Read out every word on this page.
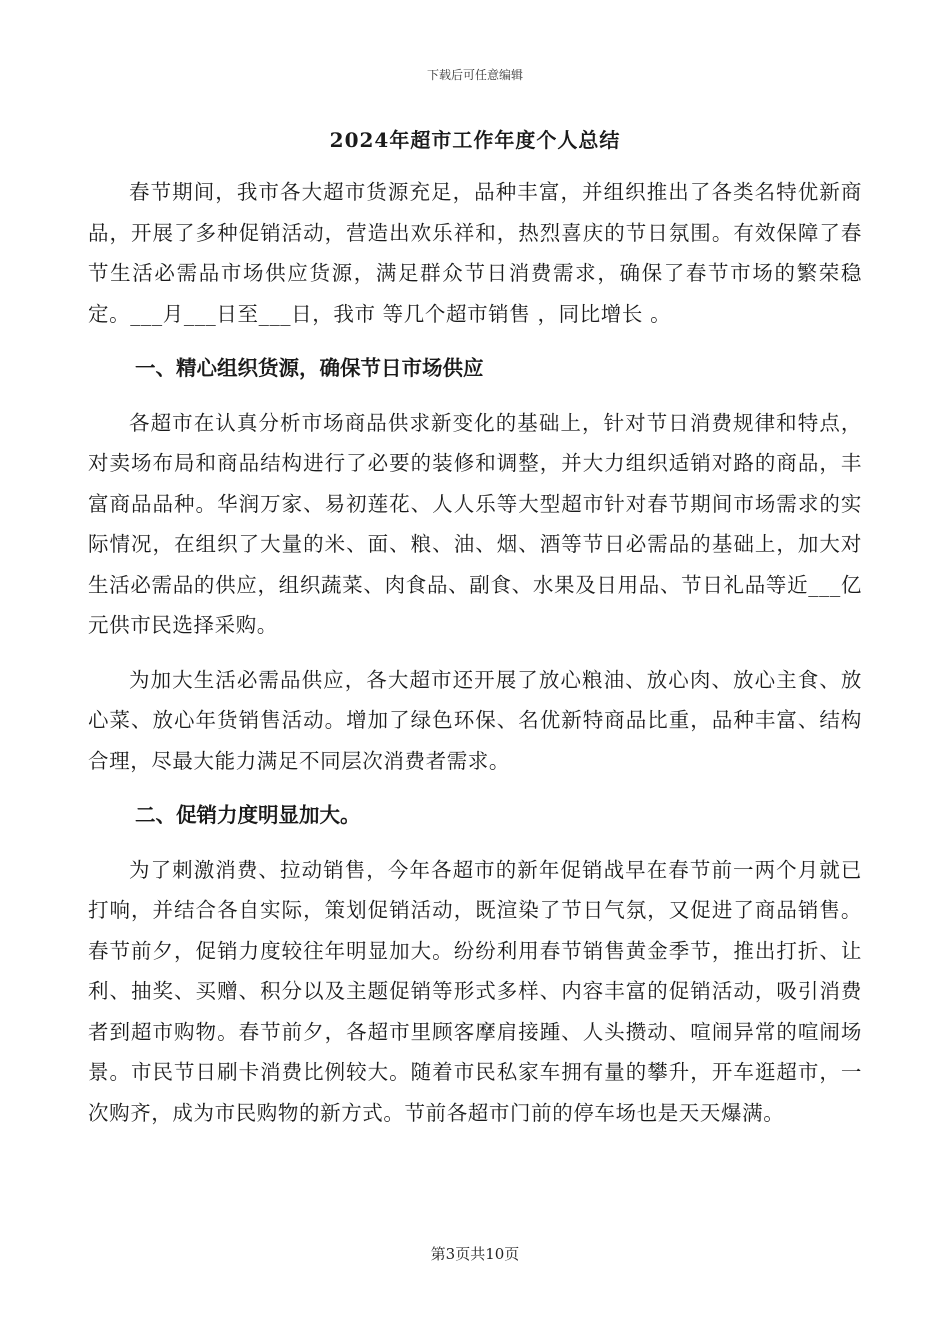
下载后可任意编辑
2024年超市工作年度个人总结

春节期间，我市各大超市货源充足，品种丰富，并组织推出了各类名特优新商品，开展了多种促销活动，营造出欢乐祥和，热烈喜庆的节日氛围。有效保障了春节生活必需品市场供应货源，满足群众节日消费需求，确保了春节市场的繁荣稳定。___月___日至___日，我市 等几个超市销售 ，同比增长 。

一、精心组织货源，确保节日市场供应

各超市在认真分析市场商品供求新变化的基础上，针对节日消费规律和特点，对卖场布局和商品结构进行了必要的装修和调整，并大力组织适销对路的商品，丰富商品品种。华润万家、易初莲花、人人乐等大型超市针对春节期间市场需求的实际情况，在组织了大量的米、面、粮、油、烟、酒等节日必需品的基础上，加大对生活必需品的供应，组织蔬菜、肉食品、副食、水果及日用品、节日礼品等近___亿元供市民选择采购。

为加大生活必需品供应，各大超市还开展了放心粮油、放心肉、放心主食、放心菜、放心年货销售活动。增加了绿色环保、名优新特商品比重，品种丰富、结构合理，尽最大能力满足不同层次消费者需求。

二、促销力度明显加大。

为了刺激消费、拉动销售，今年各超市的新年促销战早在春节前一两个月就已打响，并结合各自实际，策划促销活动，既渲染了节日气氛，又促进了商品销售。春节前夕，促销力度较往年明显加大。纷纷利用春节销售黄金季节，推出打折、让利、抽奖、买赠、积分以及主题促销等形式多样、内容丰富的促销活动，吸引消费者到超市购物。春节前夕，各超市里顾客摩肩接踵、人头攒动、喧闹异常的喧闹场景。市民节日刷卡消费比例较大。随着市民私家车拥有量的攀升，开车逛超市，一次购齐，成为市民购物的新方式。节前各超市门前的停车场也是天天爆满。

第3页共10页
